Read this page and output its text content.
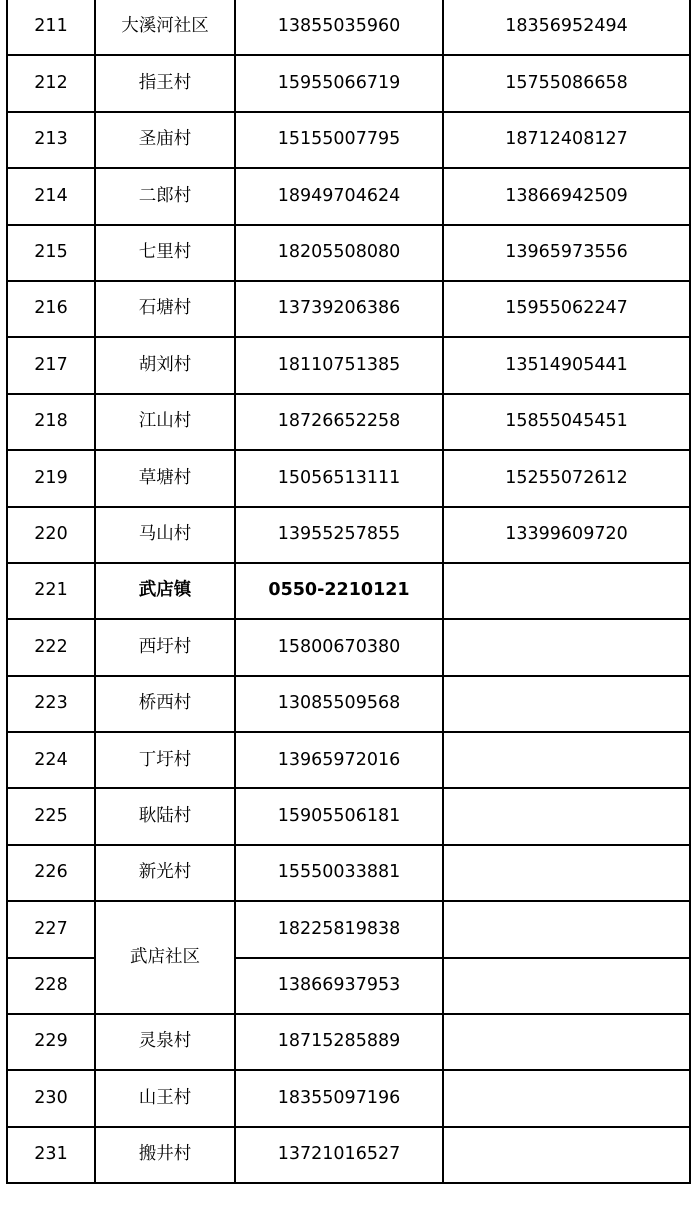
211	大溪河社区	13855035960	18356952494
212	指王村	15955066719	15755086658
213	圣庙村	15155007795	18712408127
214	二郎村	18949704624	13866942509
215	七里村	18205508080	13965973556
216	石塘村	13739206386	15955062247
217	胡刘村	18110751385	13514905441
218	江山村	18726652258	15855045451
219	草塘村	15056513111	15255072612
220	马山村	13955257855	13399609720
221	武店镇	0550-2210121	
222	西圩村	15800670380	
223	桥西村	13085509568	
224	丁圩村	13965972016	
225	耿陆村	15905506181	
226	新光村	15550033881	
227	武店社区	18225819838	
228		13866937953	
229	灵泉村	18715285889	
230	山王村	18355097196	
231	搬井村	13721016527	
